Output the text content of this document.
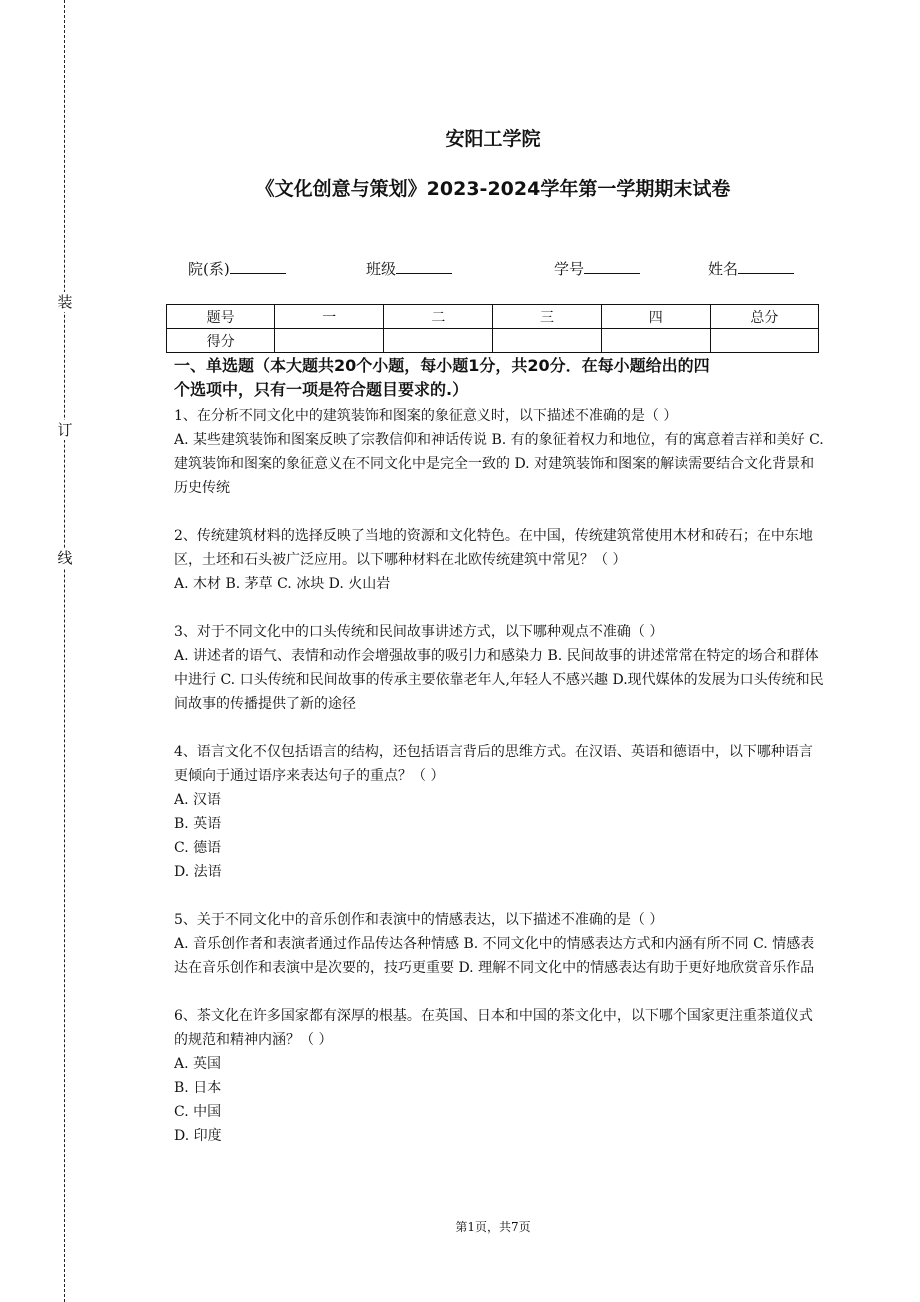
装
订
线
安阳工学院
《文化创意与策划》2023-2024学年第一学期期末试卷
院(系)	班级	学号	姓名
题号	一	二	三	四	总分
得分					
一、单选题（本大题共20个小题，每小题1分，共20分．在每小题给出的四
个选项中，只有一项是符合题目要求的.）
1、在分析不同文化中的建筑装饰和图案的象征意义时，以下描述不准确的是（ ）
A. 某些建筑装饰和图案反映了宗教信仰和神话传说 B. 有的象征着权力和地位，有的寓意着吉祥和美好 C. 建筑装饰和图案的象征意义在不同文化中是完全一致的 D. 对建筑装饰和图案的解读需要结合文化背景和历史传统
2、传统建筑材料的选择反映了当地的资源和文化特色。在中国，传统建筑常使用木材和砖石；在中东地区，土坯和石头被广泛应用。以下哪种材料在北欧传统建筑中常见？（ ）
A. 木材 B. 茅草 C. 冰块 D. 火山岩
3、对于不同文化中的口头传统和民间故事讲述方式，以下哪种观点不准确（ ）
A. 讲述者的语气、表情和动作会增强故事的吸引力和感染力 B. 民间故事的讲述常常在特定的场合和群体中进行 C. 口头传统和民间故事的传承主要依靠老年人,年轻人不感兴趣 D.现代媒体的发展为口头传统和民间故事的传播提供了新的途径
4、语言文化不仅包括语言的结构，还包括语言背后的思维方式。在汉语、英语和德语中，以下哪种语言更倾向于通过语序来表达句子的重点？（ ）
A. 汉语
B. 英语
C. 德语
D. 法语
5、关于不同文化中的音乐创作和表演中的情感表达，以下描述不准确的是（ ）
A. 音乐创作者和表演者通过作品传达各种情感 B. 不同文化中的情感表达方式和内涵有所不同 C. 情感表达在音乐创作和表演中是次要的，技巧更重要 D. 理解不同文化中的情感表达有助于更好地欣赏音乐作品
6、茶文化在许多国家都有深厚的根基。在英国、日本和中国的茶文化中，以下哪个国家更注重茶道仪式的规范和精神内涵？（ ）
A. 英国
B. 日本
C. 中国
D. 印度
第1页，共7页
